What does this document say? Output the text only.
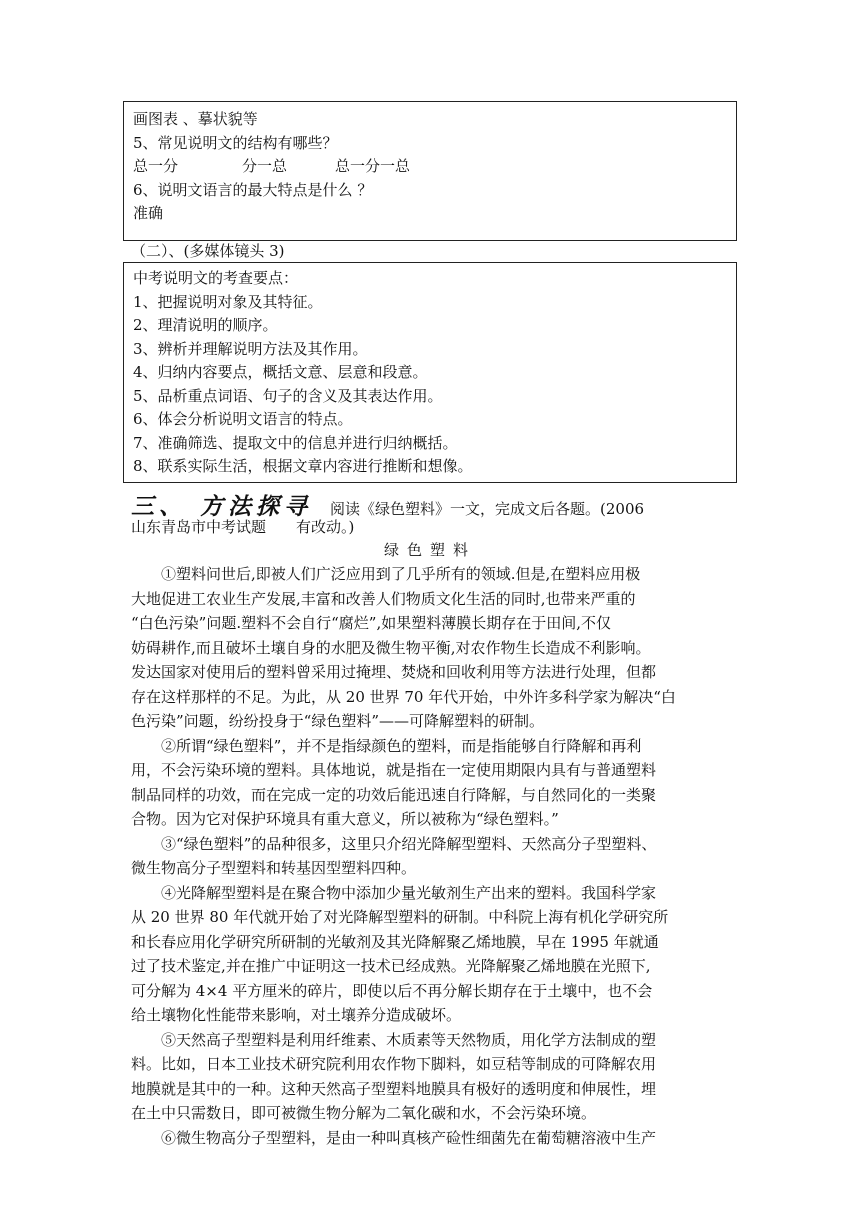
画图表 、摹状貌等
5、常见说明文的结构有哪些？
总一分	分一总	总一分一总
6、说明文语言的最大特点是什么 ？
准确
（二）、(多媒体镜头 3)
中考说明文的考查要点：
1、把握说明对象及其特征。
2、理清说明的顺序。
3、辨析并理解说明方法及其作用。
4、归纳内容要点，概括文意、层意和段意。
5、品析重点词语、句子的含义及其表达作用。
6、体会分析说明文语言的特点。
7、准确筛选、提取文中的信息并进行归纳概括。
8、联系实际生活，根据文章内容进行推断和想像。
三、 方法探寻 阅读《绿色塑料》一文，完成文后各题。(2006
山东青岛市中考试题　　有改动。)
绿色塑料
①塑料问世后,即被人们广泛应用到了几乎所有的领域.但是,在塑料应用极
大地促进工农业生产发展,丰富和改善人们物质文化生活的同时,也带来严重的
“白色污染”问题.塑料不会自行“腐烂”,如果塑料薄膜长期存在于田间,不仅
妨碍耕作,而且破坏土壤自身的水肥及微生物平衡,对农作物生长造成不利影响。
发达国家对使用后的塑料曾采用过掩埋、焚烧和回收利用等方法进行处理，但都
存在这样那样的不足。为此，从 20 世界 70 年代开始，中外许多科学家为解决“白
色污染”问题，纷纷投身于“绿色塑料”——可降解塑料的研制。
②所谓“绿色塑料”，并不是指绿颜色的塑料，而是指能够自行降解和再利
用，不会污染环境的塑料。具体地说，就是指在一定使用期限内具有与普通塑料
制品同样的功效，而在完成一定的功效后能迅速自行降解，与自然同化的一类聚
合物。因为它对保护环境具有重大意义，所以被称为“绿色塑料。”
③“绿色塑料”的品种很多，这里只介绍光降解型塑料、天然高分子型塑料、
微生物高分子型塑料和转基因型塑料四种。
④光降解型塑料是在聚合物中添加少量光敏剂生产出来的塑料。我国科学家
从 20 世界 80 年代就开始了对光降解型塑料的研制。中科院上海有机化学研究所
和长春应用化学研究所研制的光敏剂及其光降解聚乙烯地膜，早在 1995 年就通
过了技术鉴定,并在推广中证明这一技术已经成熟。光降解聚乙烯地膜在光照下,
可分解为 4×4 平方厘米的碎片，即使以后不再分解长期存在于土壤中，也不会
给土壤物化性能带来影响，对土壤养分造成破坏。
⑤天然高子型塑料是利用纤维素、木质素等天然物质，用化学方法制成的塑
料。比如，日本工业技术研究院利用农作物下脚料，如豆秸等制成的可降解农用
地膜就是其中的一种。这种天然高子型塑料地膜具有极好的透明度和伸展性，埋
在土中只需数日，即可被微生物分解为二氧化碳和水，不会污染环境。
⑥微生物高分子型塑料，是由一种叫真核产硷性细菌先在葡萄糖溶液中生产
